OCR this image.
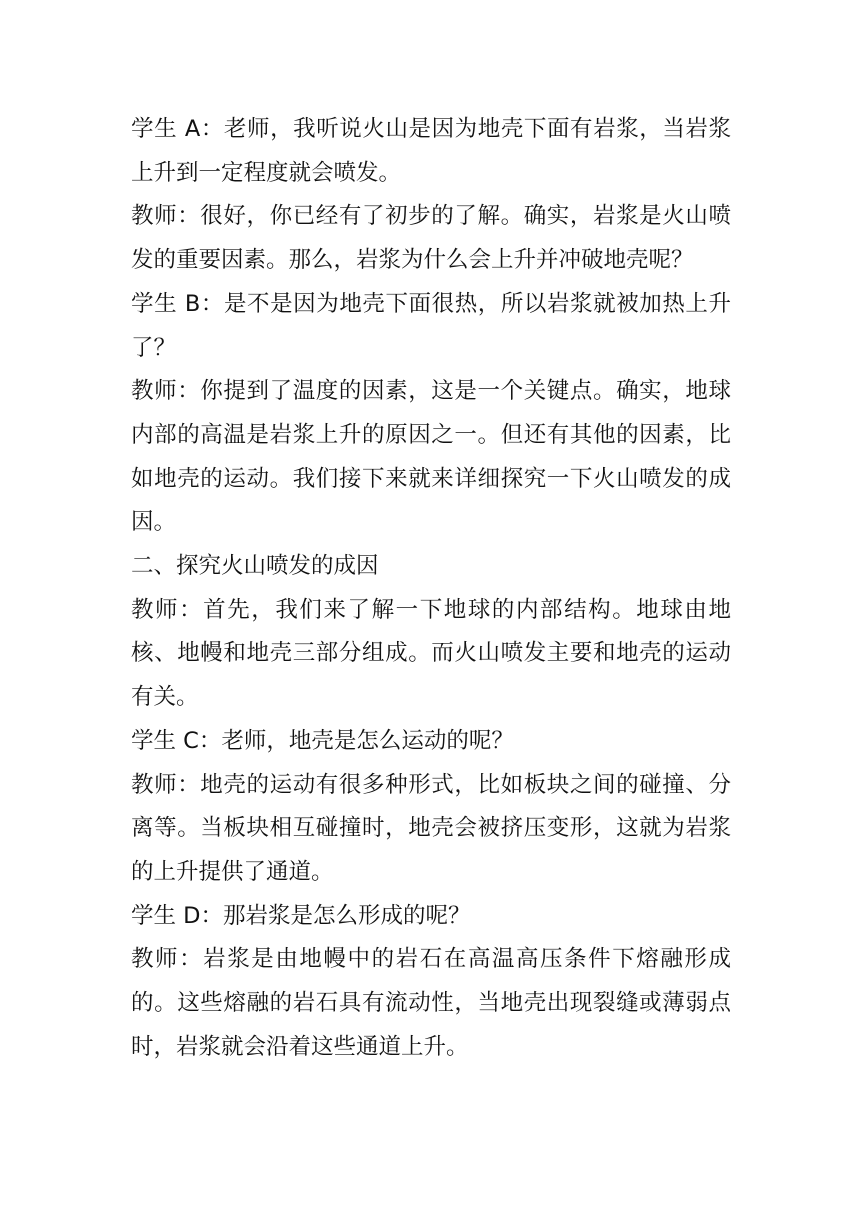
学生 A：老师，我听说火山是因为地壳下面有岩浆，当岩浆上升到一定程度就会喷发。

教师：很好，你已经有了初步的了解。确实，岩浆是火山喷发的重要因素。那么，岩浆为什么会上升并冲破地壳呢？

学生 B：是不是因为地壳下面很热，所以岩浆就被加热上升了？

教师：你提到了温度的因素，这是一个关键点。确实，地球内部的高温是岩浆上升的原因之一。但还有其他的因素，比如地壳的运动。我们接下来就来详细探究一下火山喷发的成因。

二、探究火山喷发的成因

教师：首先，我们来了解一下地球的内部结构。地球由地核、地幔和地壳三部分组成。而火山喷发主要和地壳的运动有关。

学生 C：老师，地壳是怎么运动的呢？

教师：地壳的运动有很多种形式，比如板块之间的碰撞、分离等。当板块相互碰撞时，地壳会被挤压变形，这就为岩浆的上升提供了通道。

学生 D：那岩浆是怎么形成的呢？

教师：岩浆是由地幔中的岩石在高温高压条件下熔融形成的。这些熔融的岩石具有流动性，当地壳出现裂缝或薄弱点时，岩浆就会沿着这些通道上升。
